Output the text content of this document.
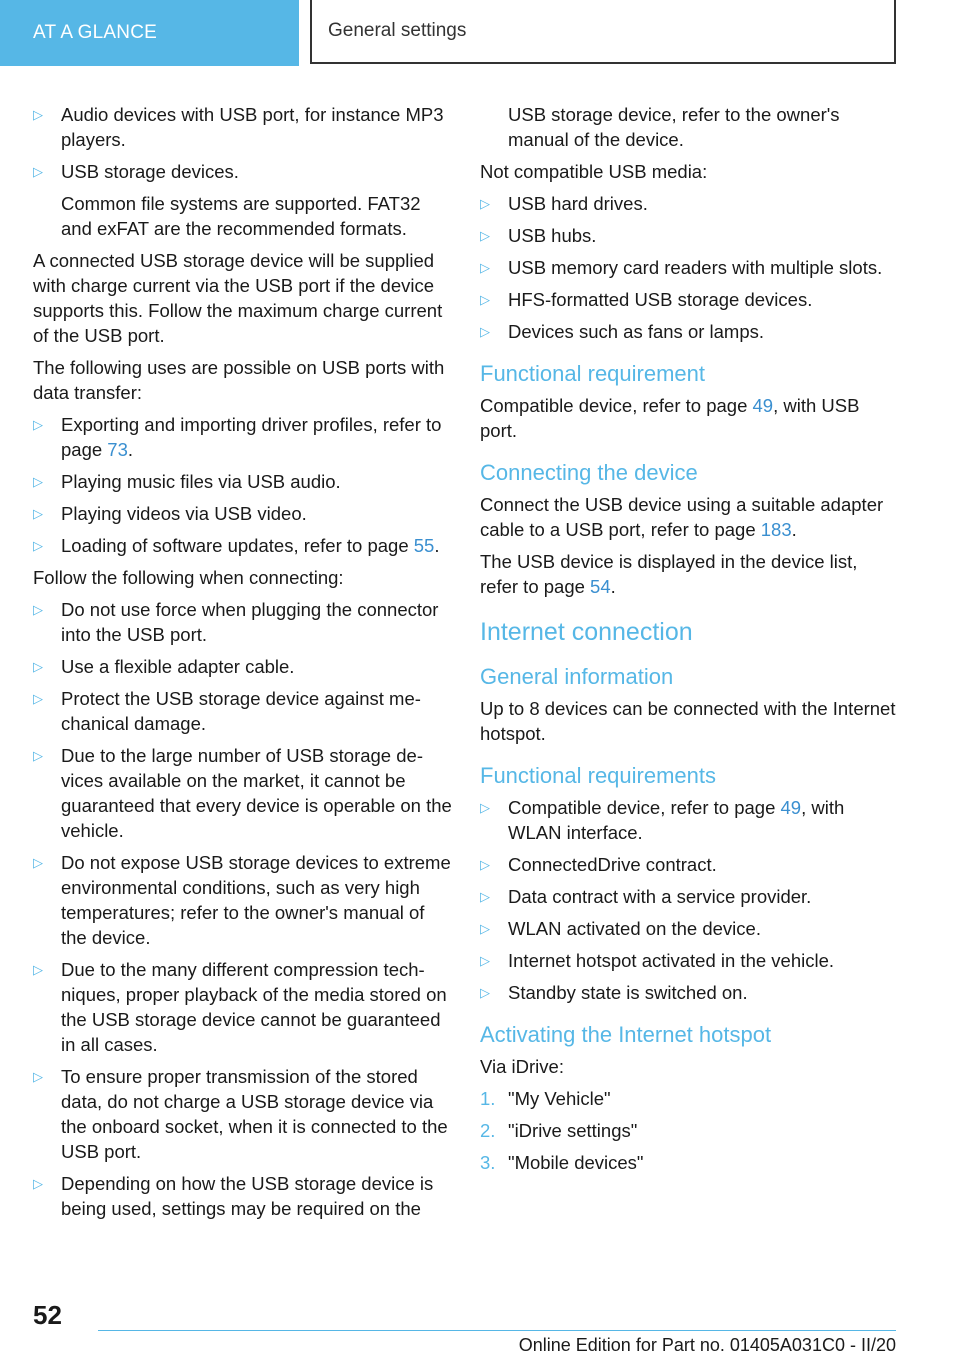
AT A GLANCE	General settings
▷ Audio devices with USB port, for instance MP3 players.
▷ USB storage devices.
Common file systems are supported. FAT32 and exFAT are the recommended formats.

A connected USB storage device will be supplied with charge current via the USB port if the device supports this. Follow the maximum charge current of the USB port.

The following uses are possible on USB ports with data transfer:

▷ Exporting and importing driver profiles, refer to page 73.
▷ Playing music files via USB audio.
▷ Playing videos via USB video.
▷ Loading of software updates, refer to page 55.

Follow the following when connecting:

▷ Do not use force when plugging the connector into the USB port.
▷ Use a flexible adapter cable.
▷ Protect the USB storage device against mechanical damage.
▷ Due to the large number of USB storage devices available on the market, it cannot be guaranteed that every device is operable on the vehicle.
▷ Do not expose USB storage devices to extreme environmental conditions, such as very high temperatures; refer to the owner's manual of the device.
▷ Due to the many different compression techniques, proper playback of the media stored on the USB storage device cannot be guaranteed in all cases.
▷ To ensure proper transmission of the stored data, do not charge a USB storage device via the onboard socket, when it is connected to the USB port.
▷ Depending on how the USB storage device is being used, settings may be required on the

USB storage device, refer to the owner's manual of the device.

Not compatible USB media:

▷ USB hard drives.
▷ USB hubs.
▷ USB memory card readers with multiple slots.
▷ HFS-formatted USB storage devices.
▷ Devices such as fans or lamps.
Functional requirement

Compatible device, refer to page 49, with USB port.

Connecting the device

Connect the USB device using a suitable adapter cable to a USB port, refer to page 183.

The USB device is displayed in the device list, refer to page 54.

Internet connection
General information

Up to 8 devices can be connected with the Internet hotspot.

Functional requirements
▷ Compatible device, refer to page 49, with WLAN interface.
▷ ConnectedDrive contract.
▷ Data contract with a service provider.
▷ WLAN activated on the device.
▷ Internet hotspot activated in the vehicle.
▷ Standby state is switched on.
Activating the Internet hotspot

Via iDrive:

1. "My Vehicle"
2. "iDrive settings"
3. "Mobile devices"
52
Online Edition for Part no. 01405A031C0 - II/20
